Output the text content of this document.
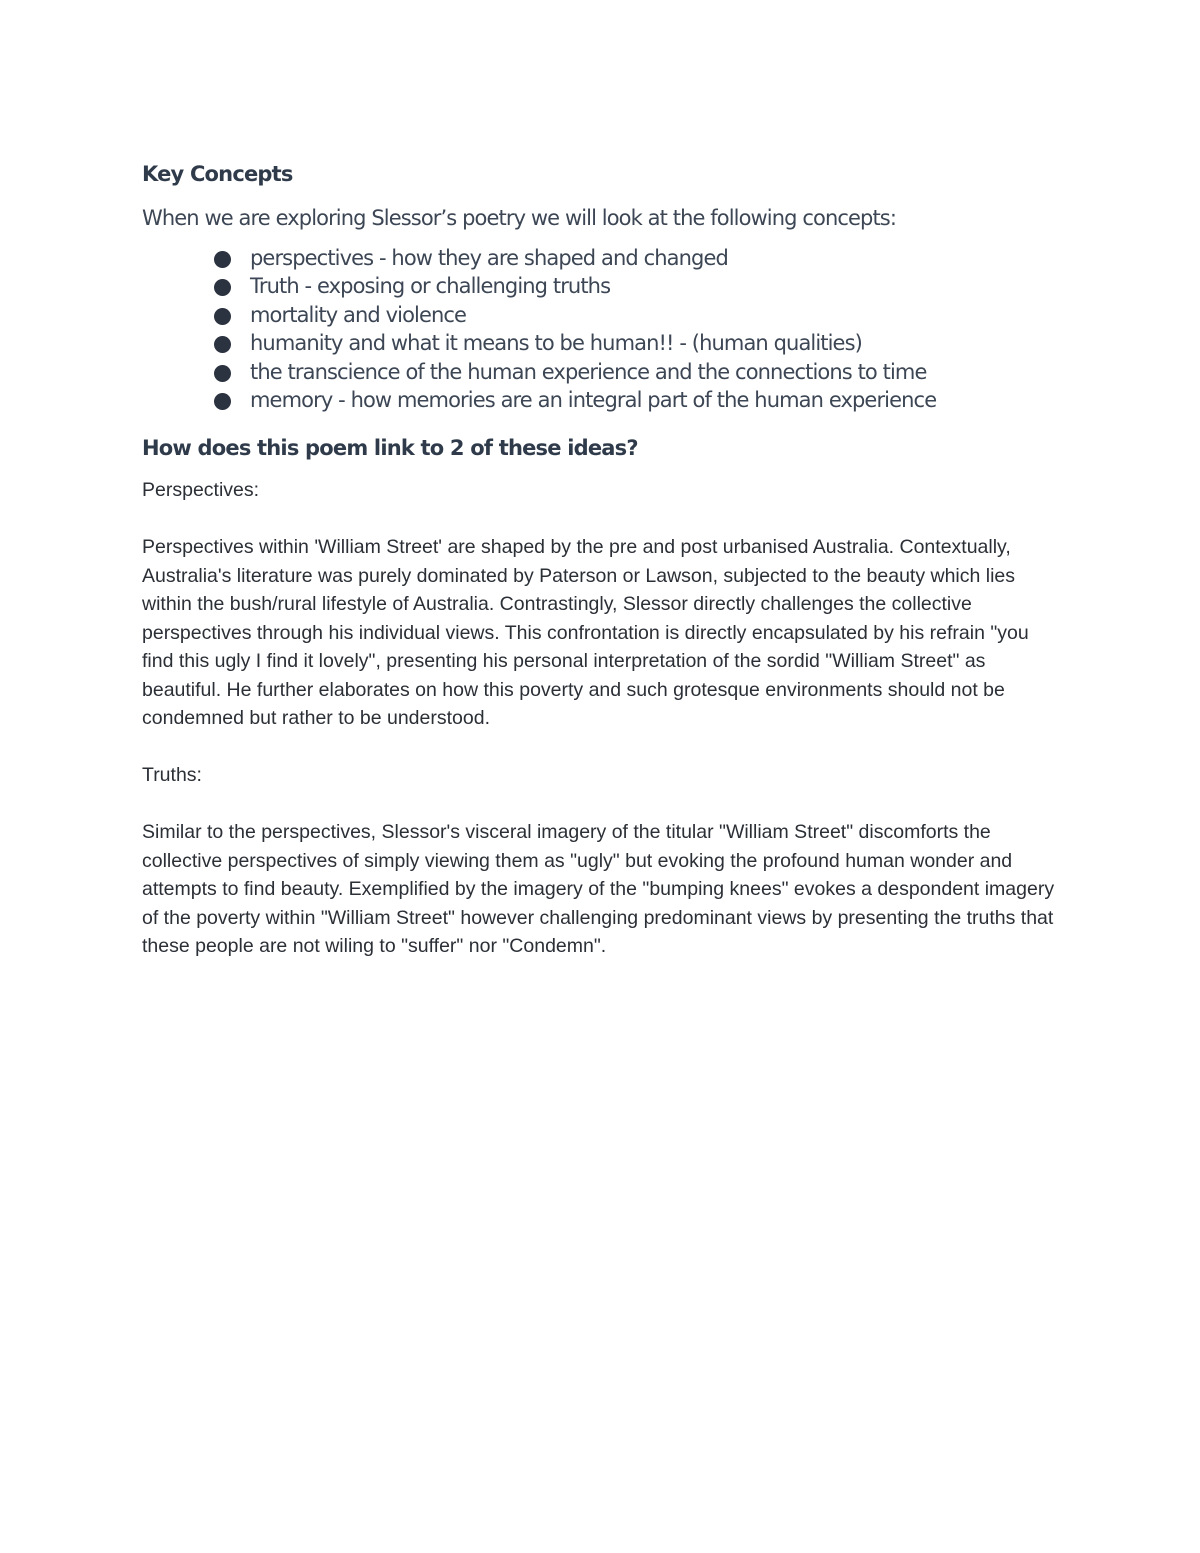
Key Concepts

When we are exploring Slessor’s poetry we will look at the following concepts:

perspectives - how they are shaped and changed
Truth - exposing or challenging truths
mortality and violence
humanity and what it means to be human!! - (human qualities)
the transcience of the human experience and the connections to time
memory - how memories are an integral part of the human experience
How does this poem link to 2 of these ideas?

Perspectives:

Perspectives within 'William Street' are shaped by the pre and post urbanised Australia. Contextually, Australia's literature was purely dominated by Paterson or Lawson, subjected to the beauty which lies within the bush/rural lifestyle of Australia. Contrastingly, Slessor directly challenges the collective perspectives through his individual views. This confrontation is directly encapsulated by his refrain "you find this ugly I find it lovely", presenting his personal interpretation of the sordid "William Street" as beautiful. He further elaborates on how this poverty and such grotesque environments should not be condemned but rather to be understood.

Truths:

Similar to the perspectives, Slessor's visceral imagery of the titular "William Street" discomforts the collective perspectives of simply viewing them as "ugly" but evoking the profound human wonder and attempts to find beauty. Exemplified by the imagery of the "bumping knees" evokes a despondent imagery of the poverty within "William Street" however challenging predominant views by presenting the truths that these people are not wiling to "suffer" nor "Condemn".
